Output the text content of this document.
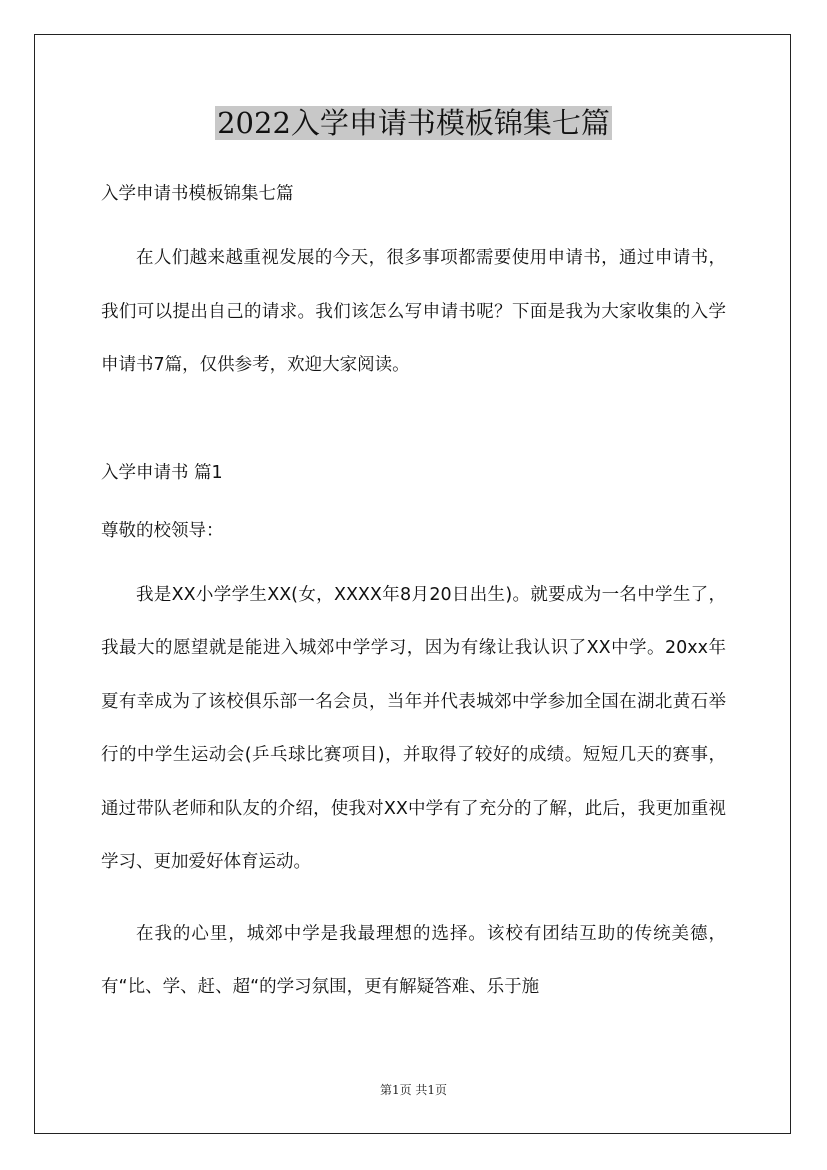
2022入学申请书模板锦集七篇
入学申请书模板锦集七篇

在人们越来越重视发展的今天，很多事项都需要使用申请书，通过申请书，我们可以提出自己的请求。我们该怎么写申请书呢？下面是我为大家收集的入学申请书7篇，仅供参考，欢迎大家阅读。

入学申请书 篇1
尊敬的校领导：

我是XX小学学生XX(女，XXXX年8月20日出生)。就要成为一名中学生了，我最大的愿望就是能进入城郊中学学习，因为有缘让我认识了XX中学。20xx年夏有幸成为了该校俱乐部一名会员，当年并代表城郊中学参加全国在湖北黄石举行的中学生运动会(乒乓球比赛项目)，并取得了较好的成绩。短短几天的赛事，通过带队老师和队友的介绍，使我对XX中学有了充分的了解，此后，我更加重视学习、更加爱好体育运动。

在我的心里，城郊中学是我最理想的选择。该校有团结互助的传统美德，有“比、学、赶、超“的学习氛围，更有解疑答难、乐于施

第1页 共1页
